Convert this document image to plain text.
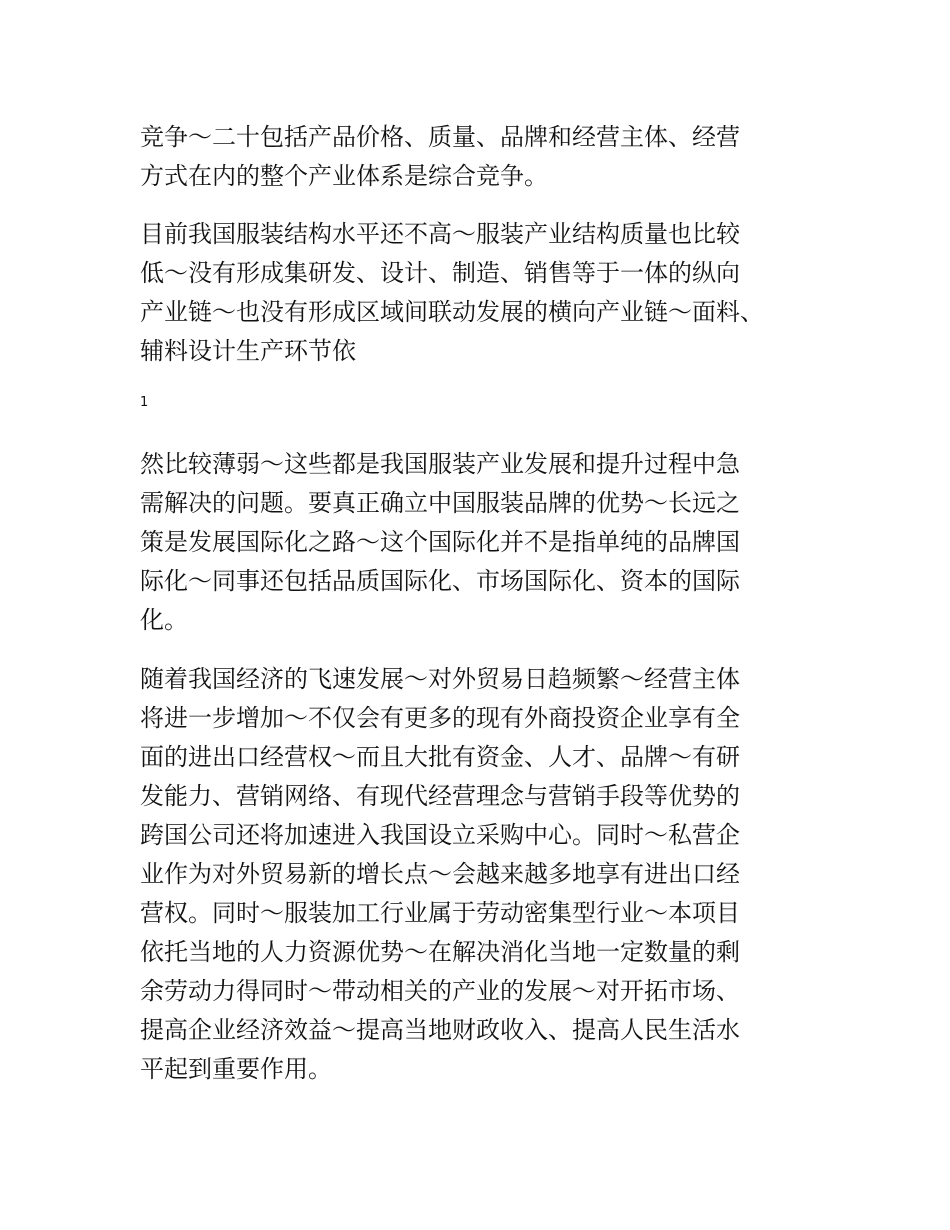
竞争～二十包括产品价格、质量、品牌和经营主体、经营
方式在内的整个产业体系是综合竞争。

目前我国服装结构水平还不高～服装产业结构质量也比较
低～没有形成集研发、设计、制造、销售等于一体的纵向
产业链～也没有形成区域间联动发展的横向产业链～面料、
辅料设计生产环节依

1

然比较薄弱～这些都是我国服装产业发展和提升过程中急
需解决的问题。要真正确立中国服装品牌的优势～长远之
策是发展国际化之路～这个国际化并不是指单纯的品牌国
际化～同事还包括品质国际化、市场国际化、资本的国际
化。

随着我国经济的飞速发展～对外贸易日趋频繁～经营主体
将进一步增加～不仅会有更多的现有外商投资企业享有全
面的进出口经营权～而且大批有资金、人才、品牌～有研
发能力、营销网络、有现代经营理念与营销手段等优势的
跨国公司还将加速进入我国设立采购中心。同时～私营企
业作为对外贸易新的增长点～会越来越多地享有进出口经
营权。同时～服装加工行业属于劳动密集型行业～本项目
依托当地的人力资源优势～在解决消化当地一定数量的剩
余劳动力得同时～带动相关的产业的发展～对开拓市场、
提高企业经济效益～提高当地财政收入、提高人民生活水
平起到重要作用。
